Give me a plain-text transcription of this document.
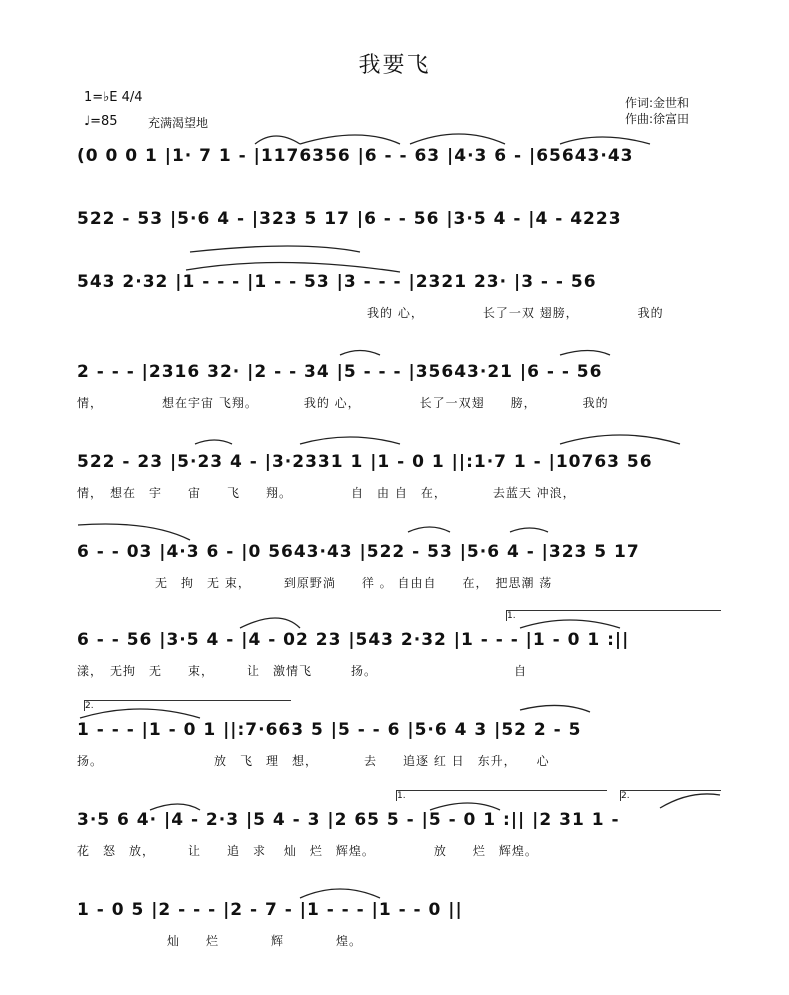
我要飞
1=♭E 4/4
♩=85	充满渴望地
作词:金世和
作曲:徐富田
(0 0 0 1 |1· 7 1 - |1176356 |6 - - 63 |4·3 6 - |65643·43
522 - 53 |5·6 4 - |323 5 17 |6 - - 56 |3·5 4 - |4 - 4223
543 2·32 |1 - - - |1 - - 53 |3 - - - |2321 23· |3 - - 56
我的 心，　　　　　长了一双 翅膀，　　　　　我的
2 - - - |2316 32· |2 - - 34 |5 - - - |35643·21 |6 - - 56
情，　　　　　想在宇宙 飞翔。　　　　我的 心，　　　　　长了一双翅　　膀，　　　　我的
522 - 23 |5·23 4 - |3·2331 1 |1 - 0 1 ||:1·7 1 - |10763 56
情，　想在　宇　　宙　　飞　　翔。　　　　　自　由 自　在，　　　　去蓝天 冲浪，
6 - - 03 |4·3 6 - |0 5643·43 |522 - 53 |5·6 4 - |323 5 17
无　拘　无 束，　　　到原野淌　　徉 。 自由自　　在，　把思潮 荡
6 - - 56 |3·5 4 - |4 - 02 23 |543 2·32 |1 - - - |1 - 0 1 :||
漾，　无拘　无　　束，　　　让　激情飞　　　扬。　　　　　　　　　　　自
1 - - - |1 - 0 1 ||:7·663 5 |5 - - 6 |5·6 4 3 |52 2 - 5
扬。　　　　　　　　　放　飞　理　想，　　　　去　　追逐 红 日　东升，　　心
3·5 6 4· |4 - 2·3 |5 4 - 3 |2 65 5 - |5 - 0 1 :|| |2 31 1 -
花　怒　放，　　　让　　追　求　 灿　烂　辉煌。　　　　　放　　烂　辉煌。
1 - 0 5 |2 - - - |2 - 7 - |1 - - - |1 - - 0 ||
灿　　烂　　　　辉　　　　煌。
1.
2.
1.	2.
